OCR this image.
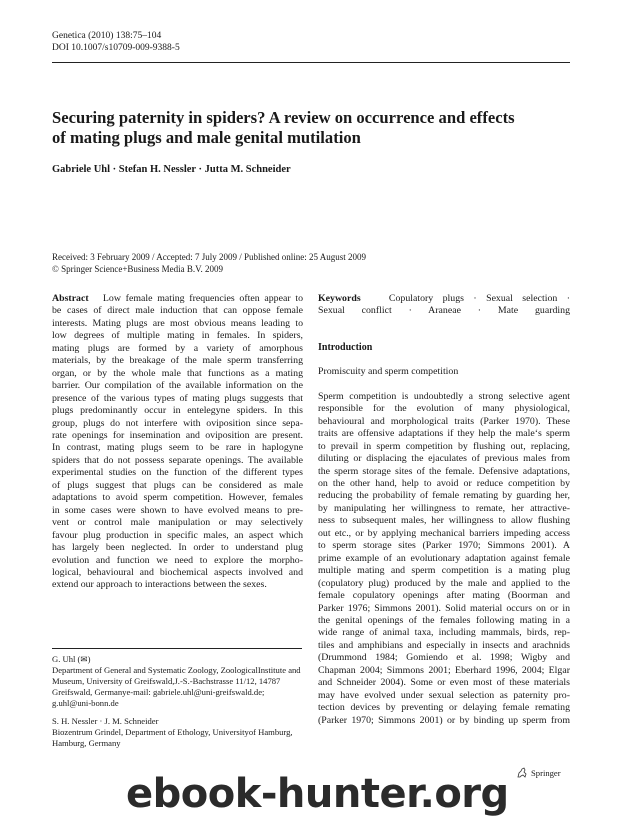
Genetica (2010) 138:75–104
DOI 10.1007/s10709-009-9388-5
Securing paternity in spiders? A review on occurrence and effects
of mating plugs and male genital mutilation
Gabriele Uhl · Stefan H. Nessler · Jutta M. Schneider
Received: 3 February 2009 / Accepted: 7 July 2009 / Published online: 25 August 2009
© Springer Science+Business Media B.V. 2009
Abstract Low female mating frequencies often appear to
be cases of direct male induction that can oppose female
interests. Mating plugs are most obvious means leading to
low degrees of multiple mating in females. In spiders,
mating plugs are formed by a variety of amorphous
materials, by the breakage of the male sperm transferring
organ, or by the whole male that functions as a mating
barrier. Our compilation of the available information on the
presence of the various types of mating plugs suggests that
plugs predominantly occur in entelegyne spiders. In this
group, plugs do not interfere with oviposition since sepa-
rate openings for insemination and oviposition are present.
In contrast, mating plugs seem to be rare in haplogyne
spiders that do not possess separate openings. The available
experimental studies on the function of the different types
of plugs suggest that plugs can be considered as male
adaptations to avoid sperm competition. However, females
in some cases were shown to have evolved means to pre-
vent or control male manipulation or may selectively
favour plug production in specific males, an aspect which
has largely been neglected. In order to understand plug
evolution and function we need to explore the morpho-
logical, behavioural and biochemical aspects involved and
extend our approach to interactions between the sexes.
Keywords	Copulatory plugs · Sexual selection ·
Sexual conflict · Araneae · Mate guarding
Introduction
Promiscuity and sperm competition
Sperm competition is undoubtedly a strong selective agent
responsible for the evolution of many physiological,
behavioural and morphological traits (Parker 1970). These
traits are offensive adaptations if they help the male‘s sperm
to prevail in sperm competition by flushing out, replacing,
diluting or displacing the ejaculates of previous males from
the sperm storage sites of the female. Defensive adaptations,
on the other hand, help to avoid or reduce competition by
reducing the probability of female remating by guarding her,
by manipulating her willingness to remate, her attractive-
ness to subsequent males, her willingness to allow flushing
out etc., or by applying mechanical barriers impeding access
to sperm storage sites (Parker 1970; Simmons 2001). A
prime example of an evolutionary adaptation against female
multiple mating and sperm competition is a mating plug
(copulatory plug) produced by the male and applied to the
female copulatory openings after mating (Boorman and
Parker 1976; Simmons 2001). Solid material occurs on or in
the genital openings of the females following mating in a
wide range of animal taxa, including mammals, birds, rep-
tiles and amphibians and especially in insects and arachnids
(Drummond 1984; Gomiendo et al. 1998; Wigby and
Chapman 2004; Simmons 2001; Eberhard 1996, 2004; Elgar
and Schneider 2004). Some or even most of these materials
may have evolved under sexual selection as paternity pro-
tection devices by preventing or delaying female remating
(Parker 1970; Simmons 2001) or by binding up sperm from

G. Uhl (✉)

Department of General and Systematic Zoology, ZoologicalInstitute and Museum, University of Greifswald,J.-S.-Bachstrasse 11/12, 14787 Greifswald, Germanye-mail: gabriele.uhl@uni-greifswald.de; g.uhl@uni-bonn.de

S. H. Nessler · J. M. Schneider

Biozentrum Grindel, Department of Ethology, Universityof Hamburg, Hamburg, Germany
Springer
ebook-hunter.org
